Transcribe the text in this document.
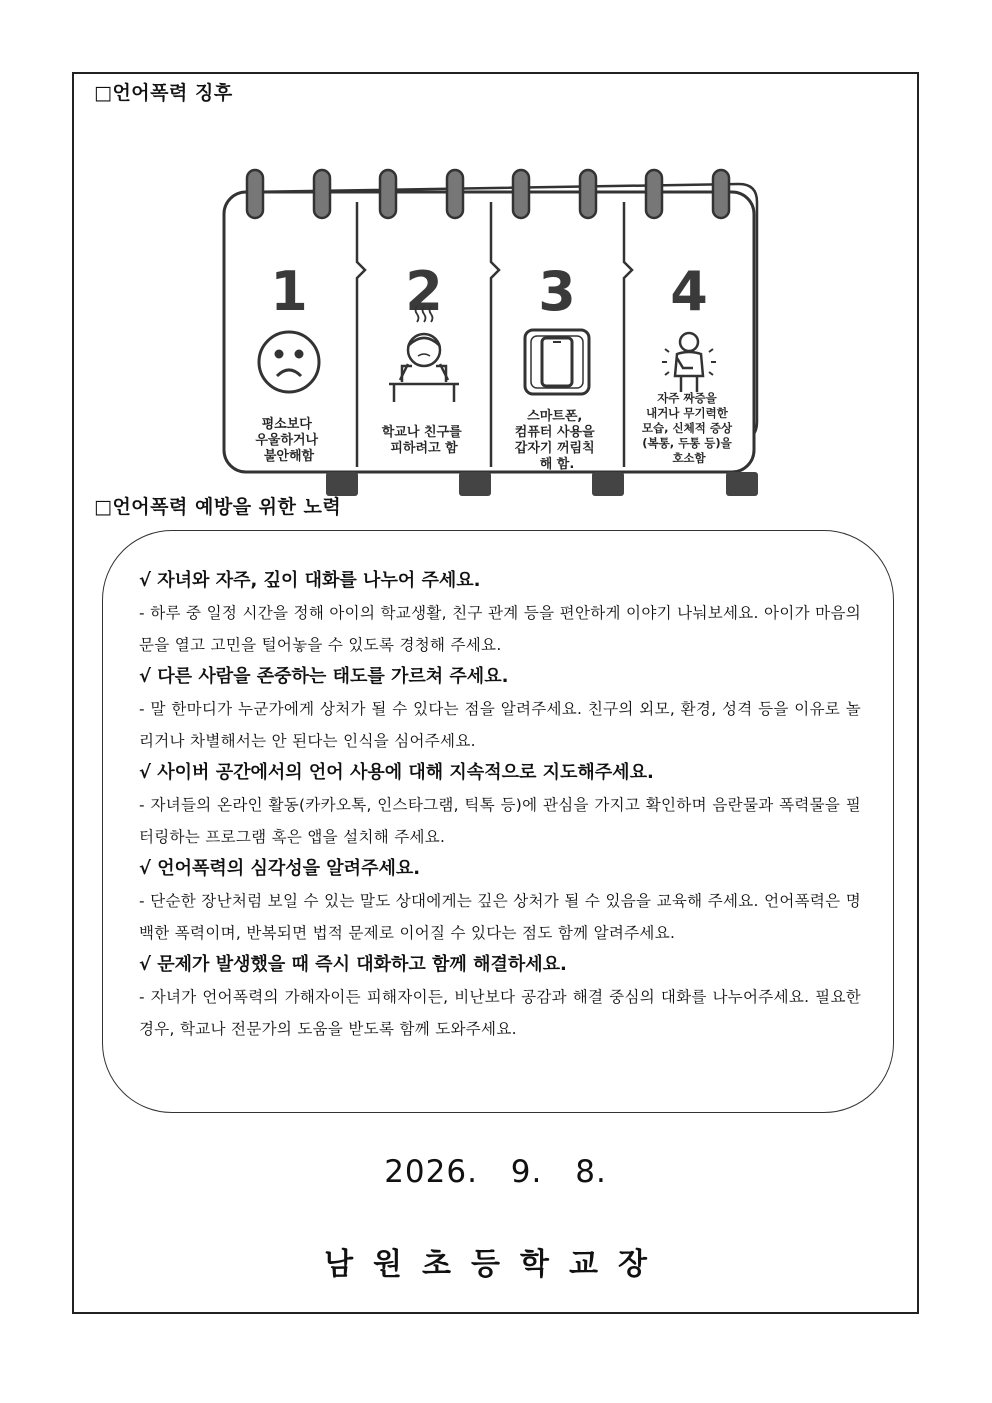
□언어폭력 징후
1
평소보다 우울하거나 불안해함
2
학교나 친구를 피하려고 함
3
스마트폰, 컴퓨터 사용을 갑자기 꺼림칙 해 함.
4
자주 짜증을 내거나 무기력한 모습, 신체적 증상 (복통, 두통 등)을 호소함
□언어폭력 예방을 위한 노력

√ 자녀와 자주, 깊이 대화를 나누어 주세요.

- 하루 중 일정 시간을 정해 아이의 학교생활, 친구 관계 등을 편안하게 이야기 나눠보세요. 아이가 마음의 문을 열고 고민을 털어놓을 수 있도록 경청해 주세요.

√ 다른 사람을 존중하는 태도를 가르쳐 주세요.

- 말 한마디가 누군가에게 상처가 될 수 있다는 점을 알려주세요. 친구의 외모, 환경, 성격 등을 이유로 놀리거나 차별해서는 안 된다는 인식을 심어주세요.

√ 사이버 공간에서의 언어 사용에 대해 지속적으로 지도해주세요.

- 자녀들의 온라인 활동(카카오톡, 인스타그램, 틱톡 등)에 관심을 가지고 확인하며 음란물과 폭력물을 필터링하는 프로그램 혹은 앱을 설치해 주세요.

√ 언어폭력의 심각성을 알려주세요.

- 단순한 장난처럼 보일 수 있는 말도 상대에게는 깊은 상처가 될 수 있음을 교육해 주세요. 언어폭력은 명백한 폭력이며, 반복되면 법적 문제로 이어질 수 있다는 점도 함께 알려주세요.

√ 문제가 발생했을 때 즉시 대화하고 함께 해결하세요.

- 자녀가 언어폭력의 가해자이든 피해자이든, 비난보다 공감과 해결 중심의 대화를 나누어주세요. 필요한 경우, 학교나 전문가의 도움을 받도록 함께 도와주세요.

2026. 9. 8.
남원초등학교장
